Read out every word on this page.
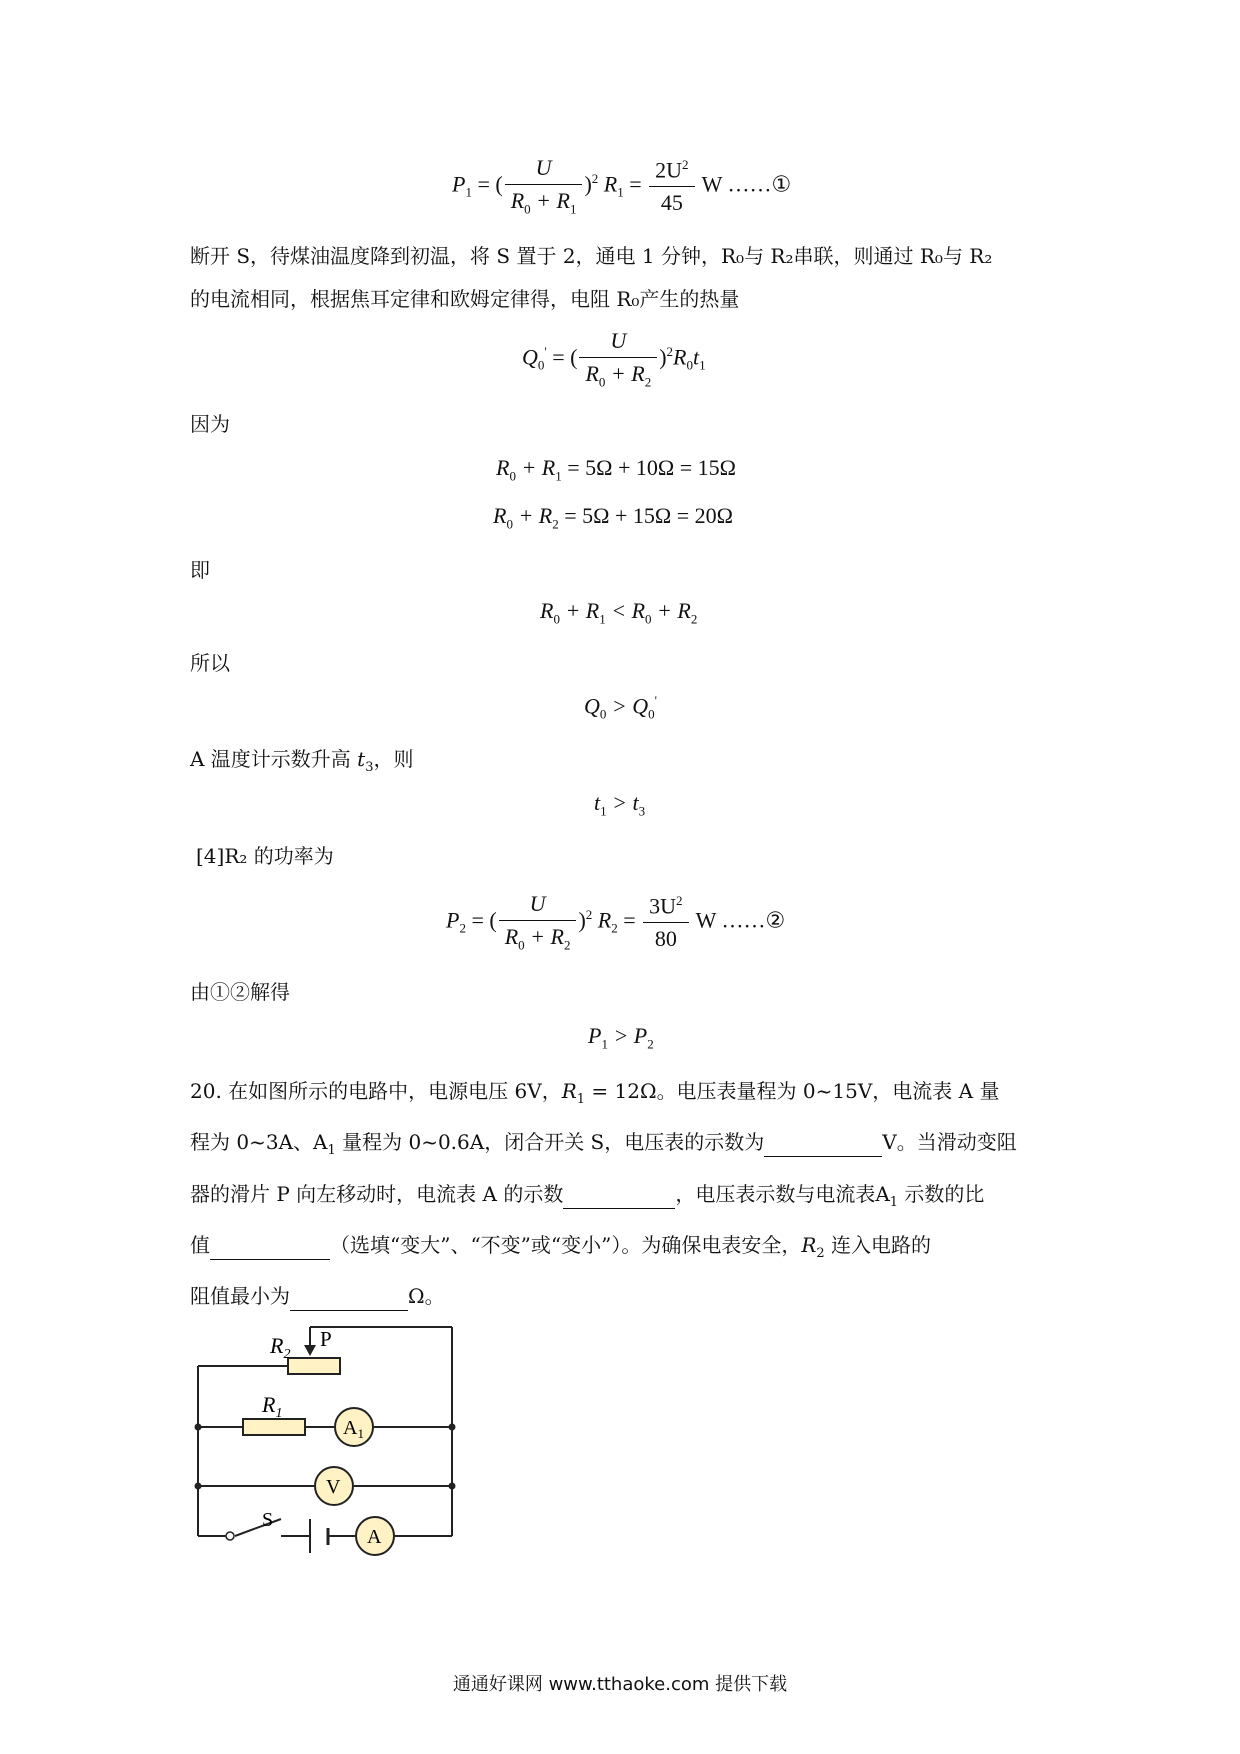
$P_1$ = ( $\frac{U}{R_0 + R_1} )^2$ $R_1 = \frac{2U^2}{45}$ W ……①
断开 S，待煤油温度降到初温，将 S 置于 2，通电 1 分钟，R₀与 R₂串联，则通过 R₀与 R₂
的电流相同，根据焦耳定律和欧姆定律得，电阻 R₀产生的热量
$Q_0'$ = ( $\frac{U}{R_0 + R_2} )^2R_0t_1$
因为
$R_0 + R_1 = 5\Omega + 10\Omega = 15\Omega$
$R_0 + R_2 = 5\Omega + 15\Omega = 20\Omega$
即
$R_0 + R_1 < R_0 + R_2$
所以
$Q_0 > Q_0'$
A 温度计示数升高 $t_3$，则
$t_1 > t_3$
[4]R₂ 的功率为
$P_2$ = ( $\frac{U}{R_0 + R_2} )^2$ $R_2 = \frac{3U^2}{80}$ W ……②
由①②解得
$P_1 > P_2$
20. 在如图所示的电路中，电源电压 6V，$R_1 = 12\Omega$。电压表量程为 0~15V，电流表 A 量
程为 0~3A、$A_1$ 量程为 0~0.6A，闭合开关 S，电压表的示数为	V。当滑动变阻
器的滑片 P 向左移动时，电流表 A 的示数	，电压表示数与电流表$A_1$ 示数的比
值	（选填“变大”、“不变”或“变小”）。为确保电表安全，$R_2$ 连入电路的
阻值最小为	Ω。
$R_2$
P
$R_1$
$A_1$
V
S
A
通通好课网 www.tthaoke.com 提供下载
